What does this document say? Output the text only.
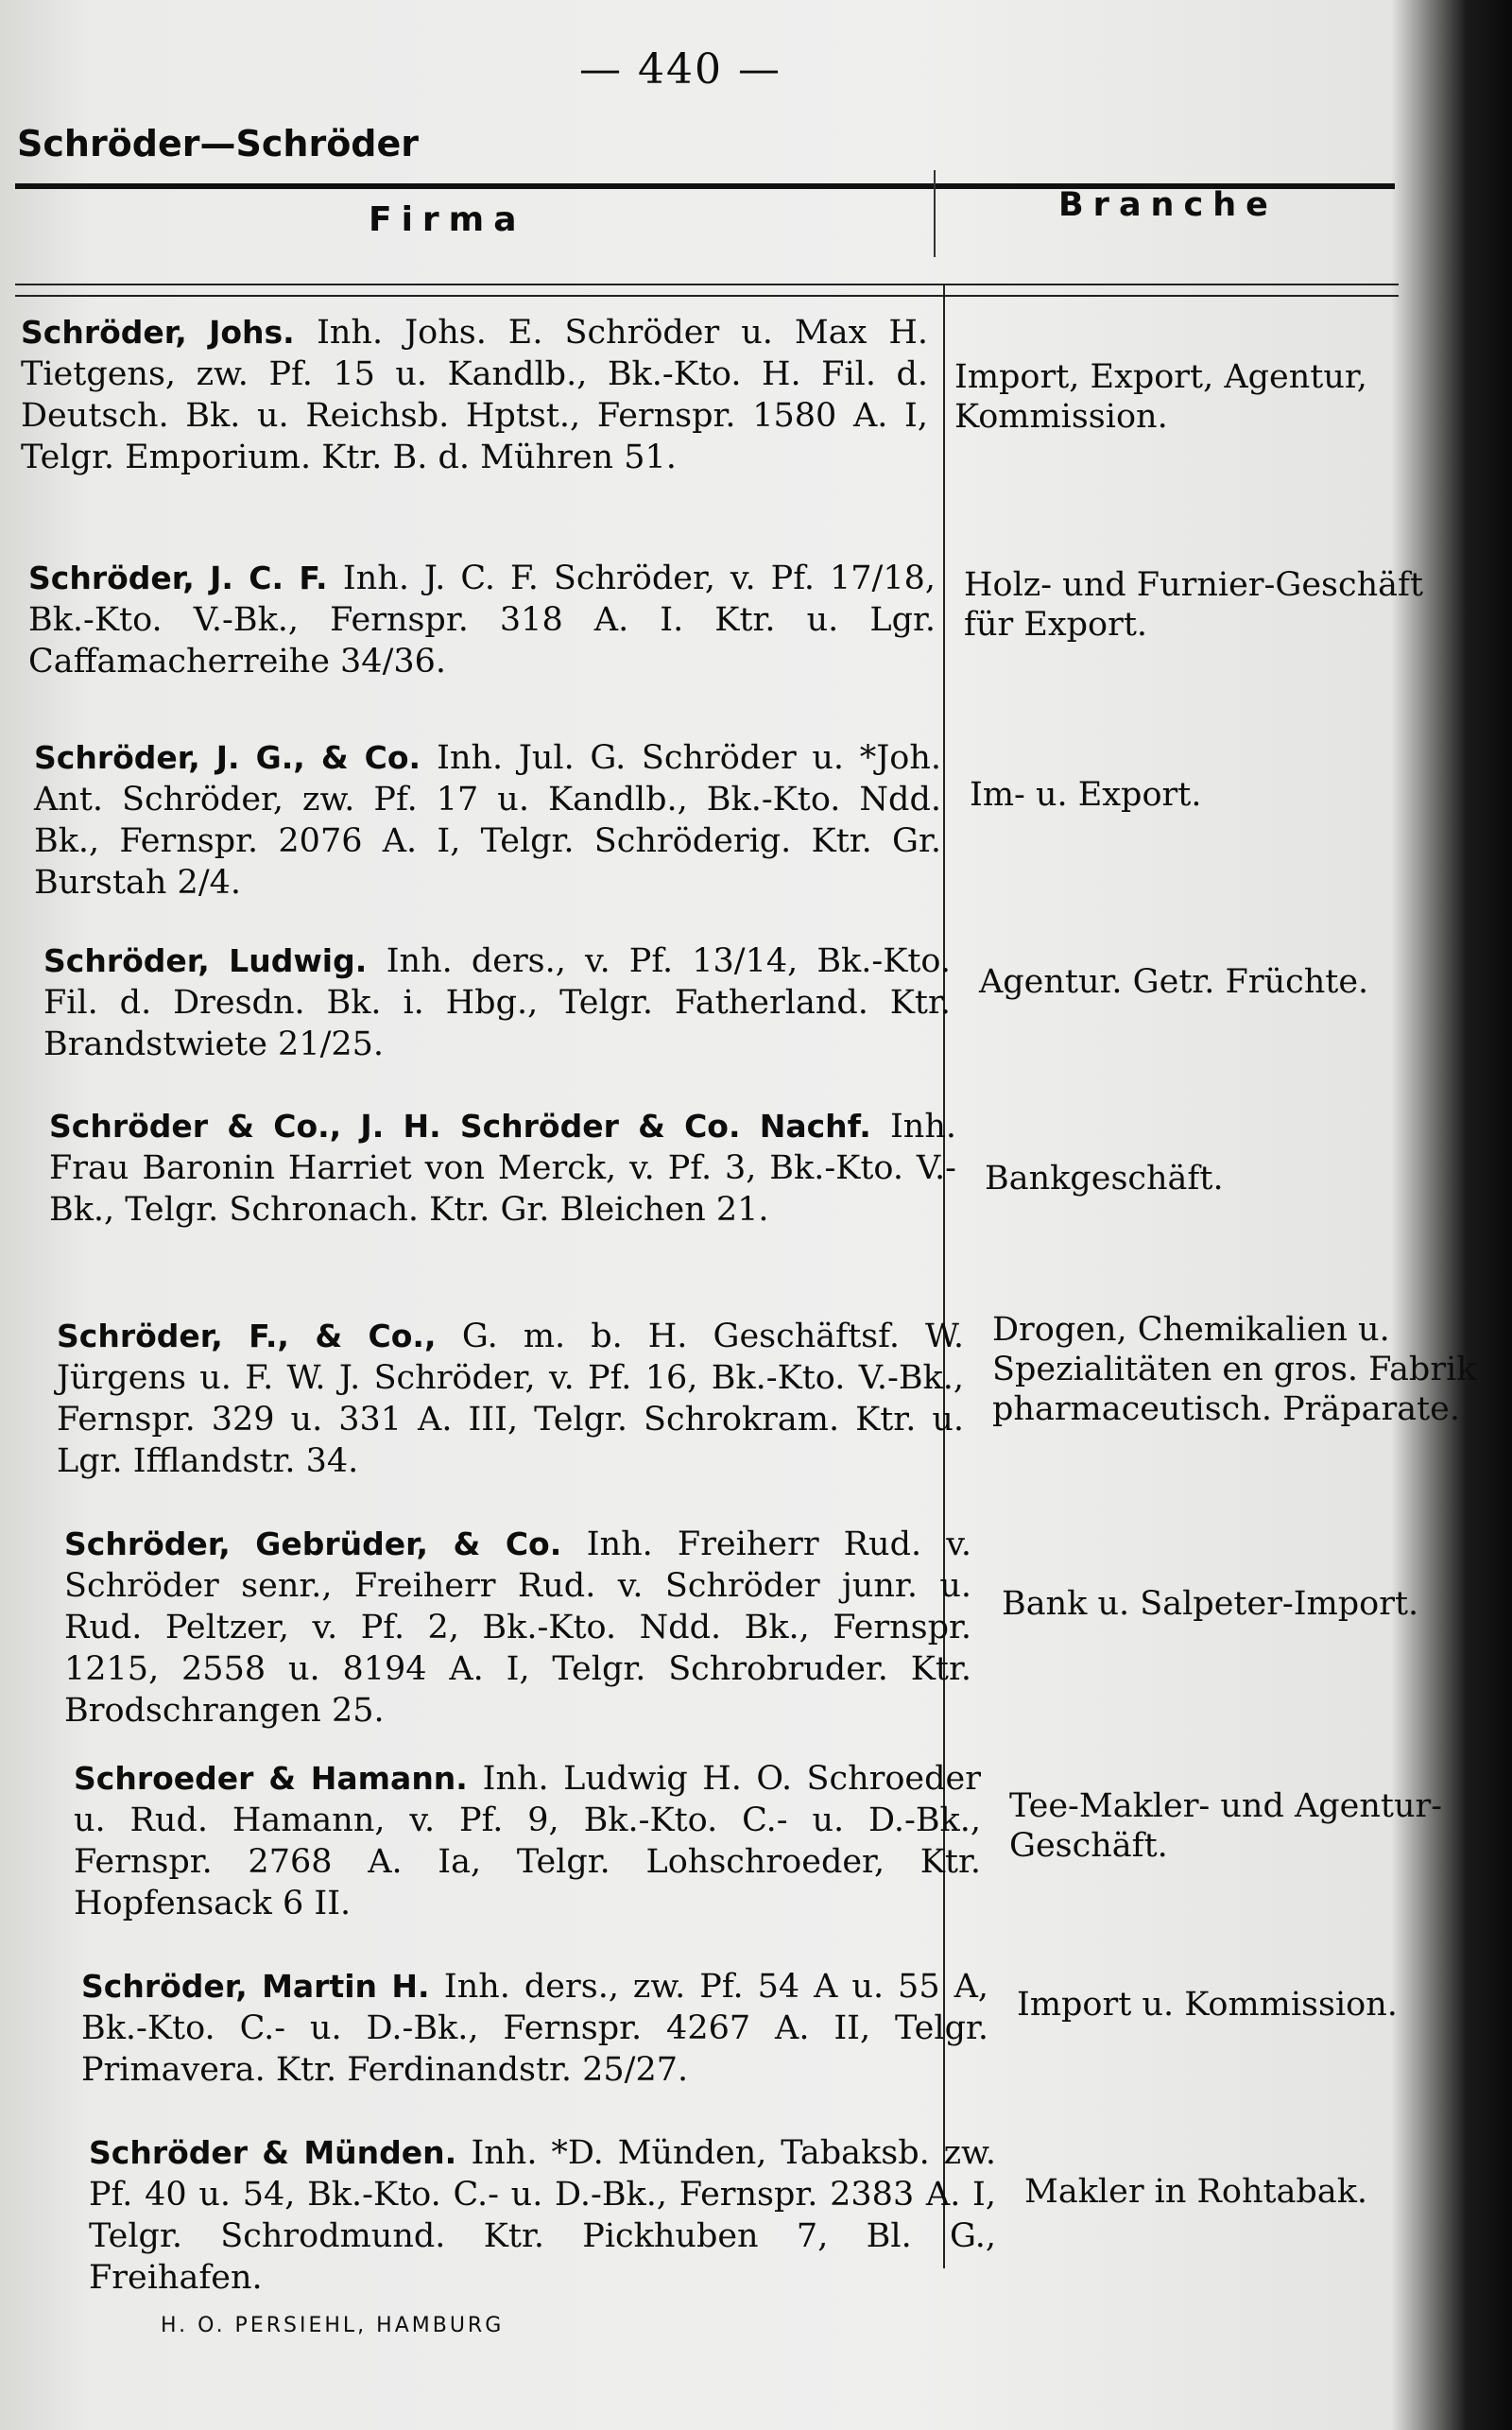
— 440 —
Schröder—Schröder
Firma	Branche
Schröder, Johs. Inh. Johs. E. Schröder u. Max H. Tietgens, zw. Pf. 15 u. Kandlb., Bk.-Kto. H. Fil. d. Deutsch. Bk. u. Reichsb. Hptst., Fernspr. 1580 A. I, Telgr. Emporium. Ktr. B. d. Mühren 51.
Import, Export, Agentur, Kommission.
Schröder, J. C. F. Inh. J. C. F. Schröder, v. Pf. 17/18, Bk.-Kto. V.-Bk., Fernspr. 318 A. I. Ktr. u. Lgr. Caffamacherreihe 34/36.
Holz- und Furnier-Geschäft für Export.
Schröder, J. G., & Co. Inh. Jul. G. Schröder u. *Joh. Ant. Schröder, zw. Pf. 17 u. Kandlb., Bk.-Kto. Ndd. Bk., Fernspr. 2076 A. I, Telgr. Schröderig. Ktr. Gr. Burstah 2/4.
Im- u. Export.
Schröder, Ludwig. Inh. ders., v. Pf. 13/14, Bk.-Kto. Fil. d. Dresdn. Bk. i. Hbg., Telgr. Fatherland. Ktr. Brandstwiete 21/25.
Agentur. Getr. Früchte.
Schröder & Co., J. H. Schröder & Co. Nachf. Inh. Frau Baronin Harriet von Merck, v. Pf. 3, Bk.-Kto. V.-Bk., Telgr. Schronach. Ktr. Gr. Bleichen 21.
Bankgeschäft.
Schröder, F., & Co., G. m. b. H. Geschäftsf. W. Jürgens u. F. W. J. Schröder, v. Pf. 16, Bk.-Kto. V.-Bk., Fernspr. 329 u. 331 A. III, Telgr. Schrokram. Ktr. u. Lgr. Ifflandstr. 34.
Drogen, Chemikalien u. Spezialitäten en gros. Fabrik pharmaceutisch. Präparate.
Schröder, Gebrüder, & Co. Inh. Freiherr Rud. v. Schröder senr., Freiherr Rud. v. Schröder junr. u. Rud. Peltzer, v. Pf. 2, Bk.-Kto. Ndd. Bk., Fernspr. 1215, 2558 u. 8194 A. I, Telgr. Schrobruder. Ktr. Brodschrangen 25.
Bank u. Salpeter-Import.
Schroeder & Hamann. Inh. Ludwig H. O. Schroeder u. Rud. Hamann, v. Pf. 9, Bk.-Kto. C.- u. D.-Bk., Fernspr. 2768 A. Ia, Telgr. Lohschroeder, Ktr. Hopfensack 6 II.
Tee-Makler- und Agentur-Geschäft.
Schröder, Martin H. Inh. ders., zw. Pf. 54 A u. 55 A, Bk.-Kto. C.- u. D.-Bk., Fernspr. 4267 A. II, Telgr. Primavera. Ktr. Ferdinandstr. 25/27.
Import u. Kommission.
Schröder & Münden. Inh. *D. Münden, Tabaksb. zw. Pf. 40 u. 54, Bk.-Kto. C.- u. D.-Bk., Fernspr. 2383 A. I, Telgr. Schrodmund. Ktr. Pickhuben 7, Bl. G., Freihafen.
Makler in Rohtabak.
H. O. PERSIEHL, HAMBURG
